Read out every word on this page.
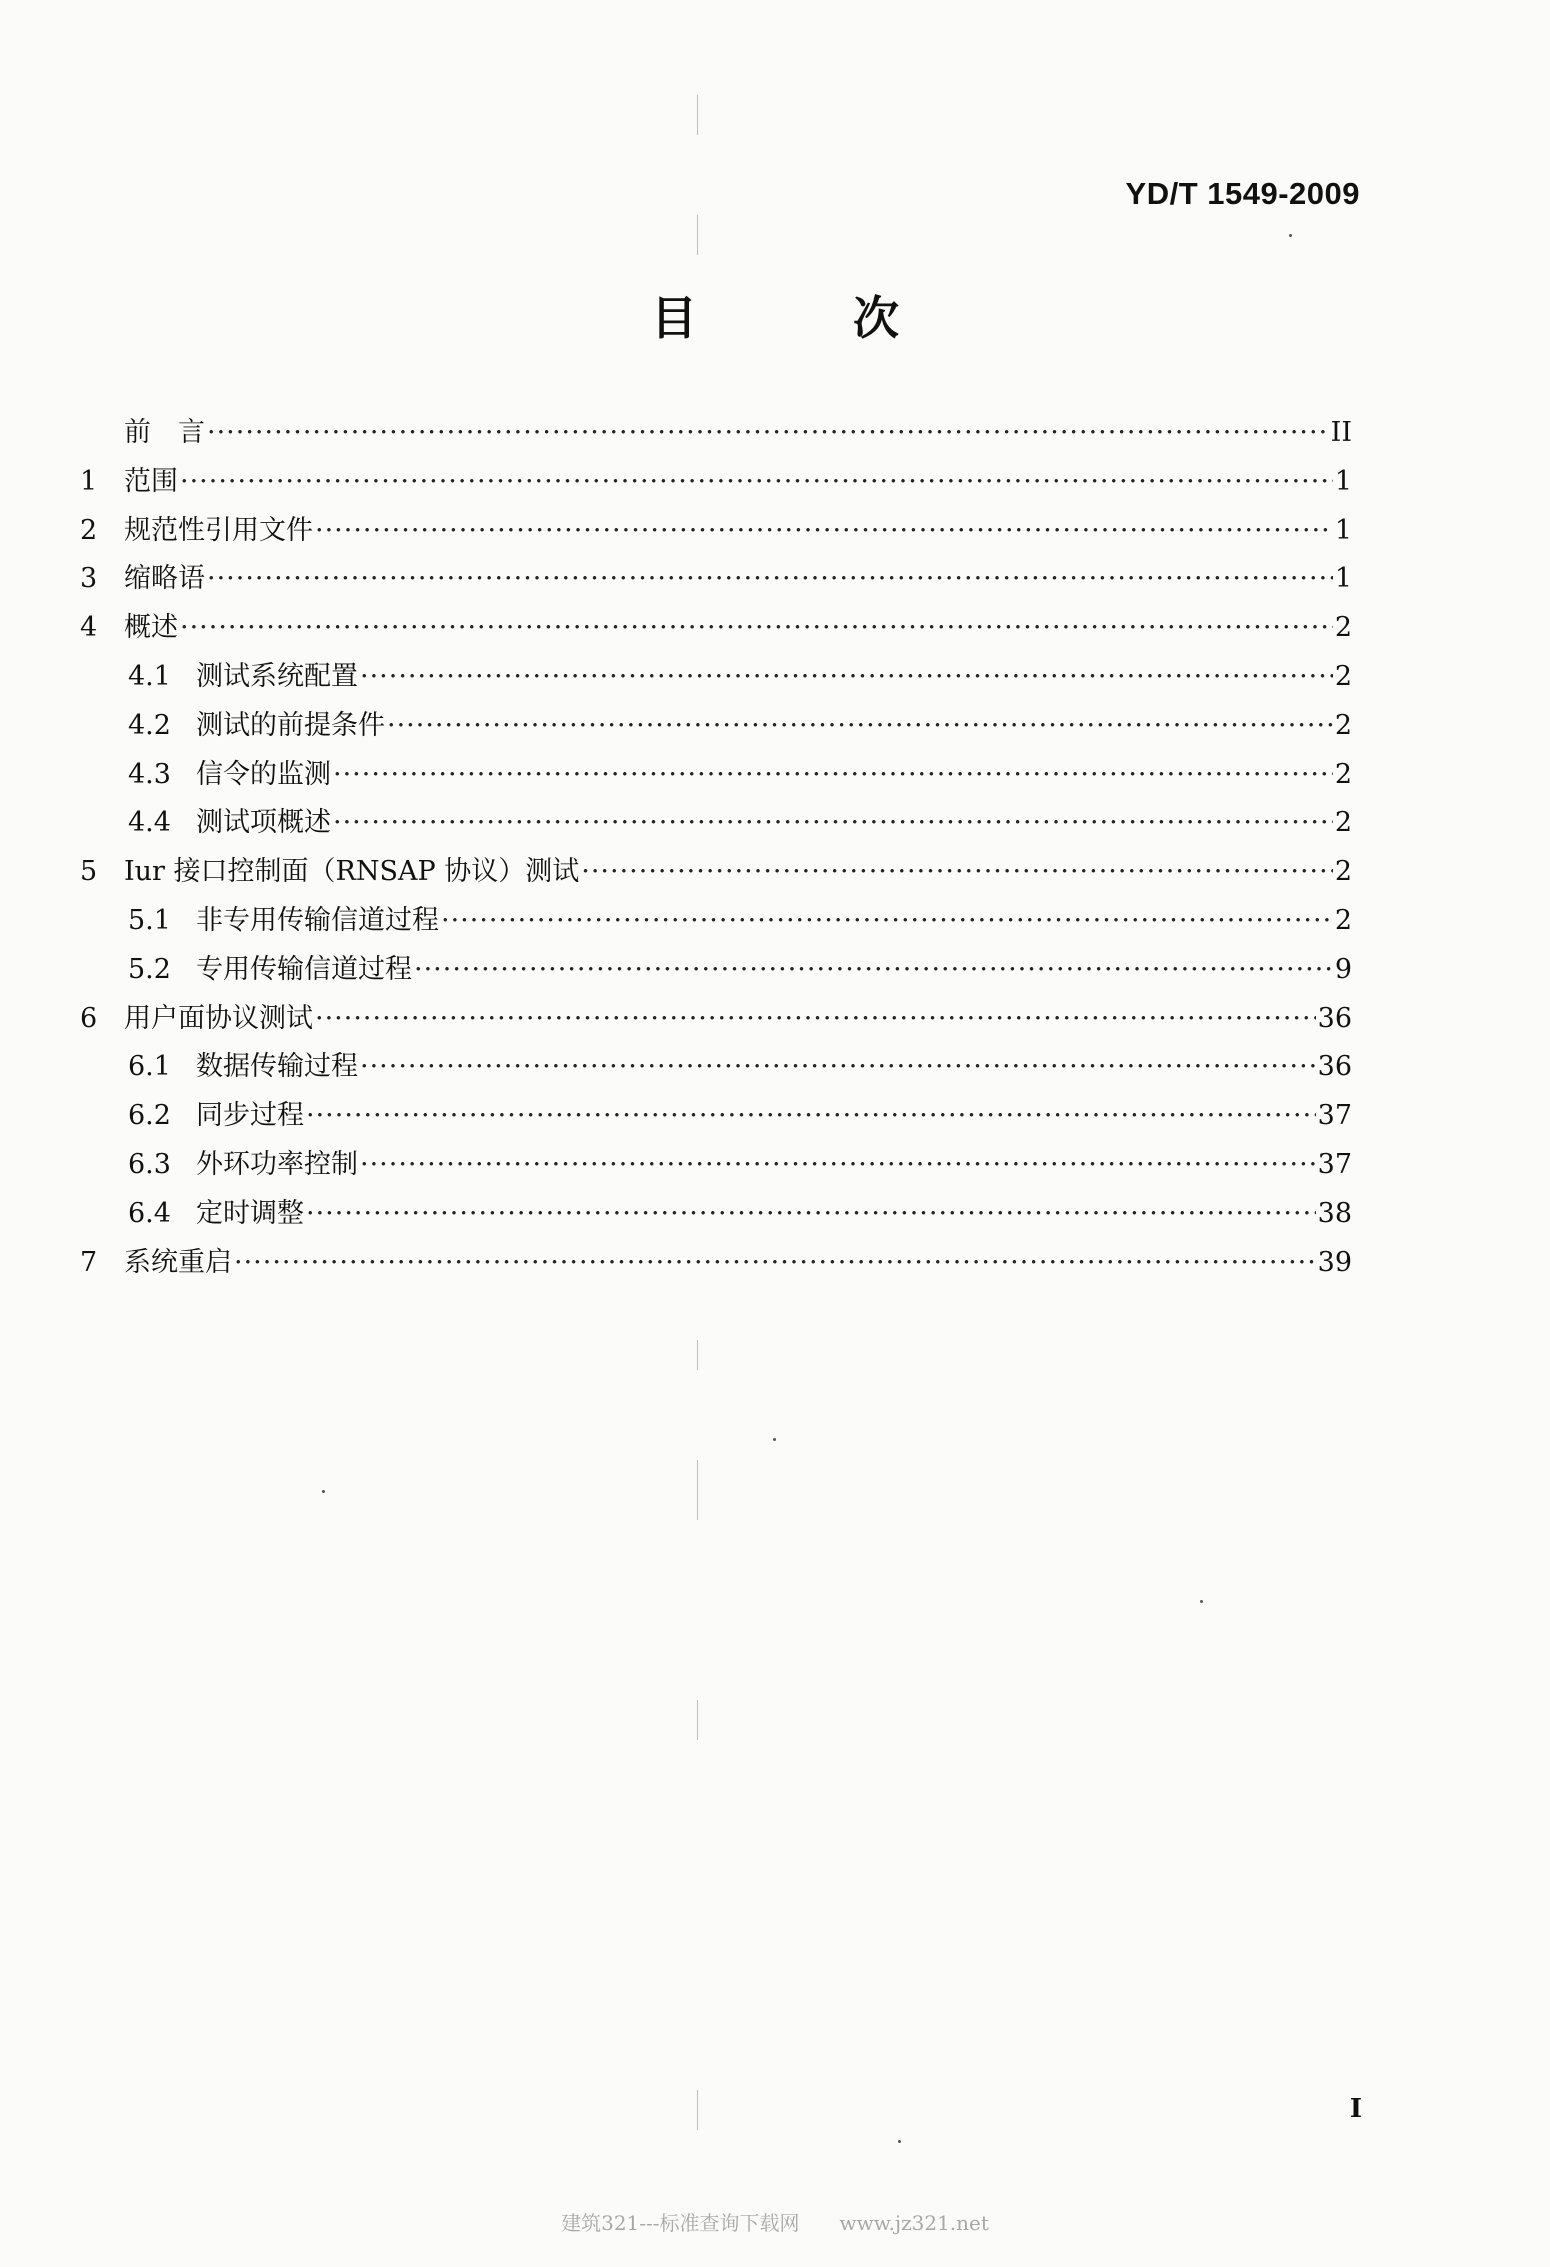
YD/T 1549-2009
目 次
前　言 ·····	II
1 范围 ·····	1
2 规范性引用文件 ·····	1
3 缩略语 ·····	1
4 概述 ·····	2
4.1 测试系统配置 ·····	2
4.2 测试的前提条件 ·····	2
4.3 信令的监测 ·····	2
4.4 测试项概述 ·····	2
5 Iur 接口控制面（RNSAP 协议）测试 ·····	2
5.1 非专用传输信道过程 ·····	2
5.2 专用传输信道过程 ·····	9
6 用户面协议测试 ·····	36
6.1 数据传输过程 ·····	36
6.2 同步过程 ·····	37
6.3 外环功率控制 ·····	37
6.4 定时调整 ·····	38
7 系统重启 ·····	39
I
建筑321---标准查询下载网　　www.jz321.net
